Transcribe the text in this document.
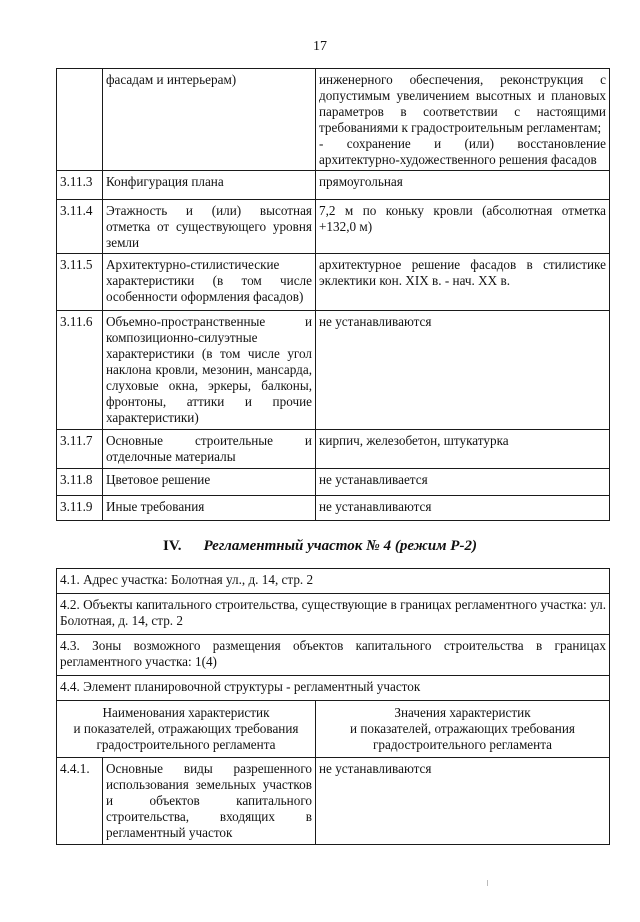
17
	фасадам и интерьерам)	инженерного обеспечения, реконструкция с допустимым увеличением высотных и плановых параметров в соответствии с настоящими требованиями к градостроительным регламентам;
- сохранение и (или) восстановление архитектурно-художественного решения фасадов
3.11.3	Конфигурация плана	прямоугольная
3.11.4	Этажность и (или) высотная отметка от существующего уровня земли	7,2 м по коньку кровли (абсолютная отметка +132,0 м)
3.11.5	Архитектурно-стилистические характеристики (в том числе особенности оформления фасадов)	архитектурное решение фасадов в стилистике эклектики кон. XIX в. - нач. XX в.
3.11.6	Объемно-пространственные и композиционно-силуэтные характеристики (в том числе угол наклона кровли, мезонин, мансарда, слуховые окна, эркеры, балконы, фронтоны, аттики и прочие характеристики)	не устанавливаются
3.11.7	Основные строительные и отделочные материалы	кирпич, железобетон, штукатурка
3.11.8	Цветовое решение	не устанавливается
3.11.9	Иные требования	не устанавливаются
IV. Регламентный участок № 4 (режим Р-2)
4.1. Адрес участка: Болотная ул., д. 14, стр. 2		
4.2. Объекты капитального строительства, существующие в границах регламентного участка: ул. Болотная, д. 14, стр. 2		
4.3. Зоны возможного размещения объектов капитального строительства в границах регламентного участка: 1(4)		
4.4. Элемент планировочной структуры - регламентный участок		
Наименования характеристик
и показателей, отражающих требования
градостроительного регламента		Значения характеристик
и показателей, отражающих требования
градостроительного регламента
4.4.1.	Основные виды разрешенного использования земельных участков и объектов капитального строительства, входящих в регламентный участок	не устанавливаются
